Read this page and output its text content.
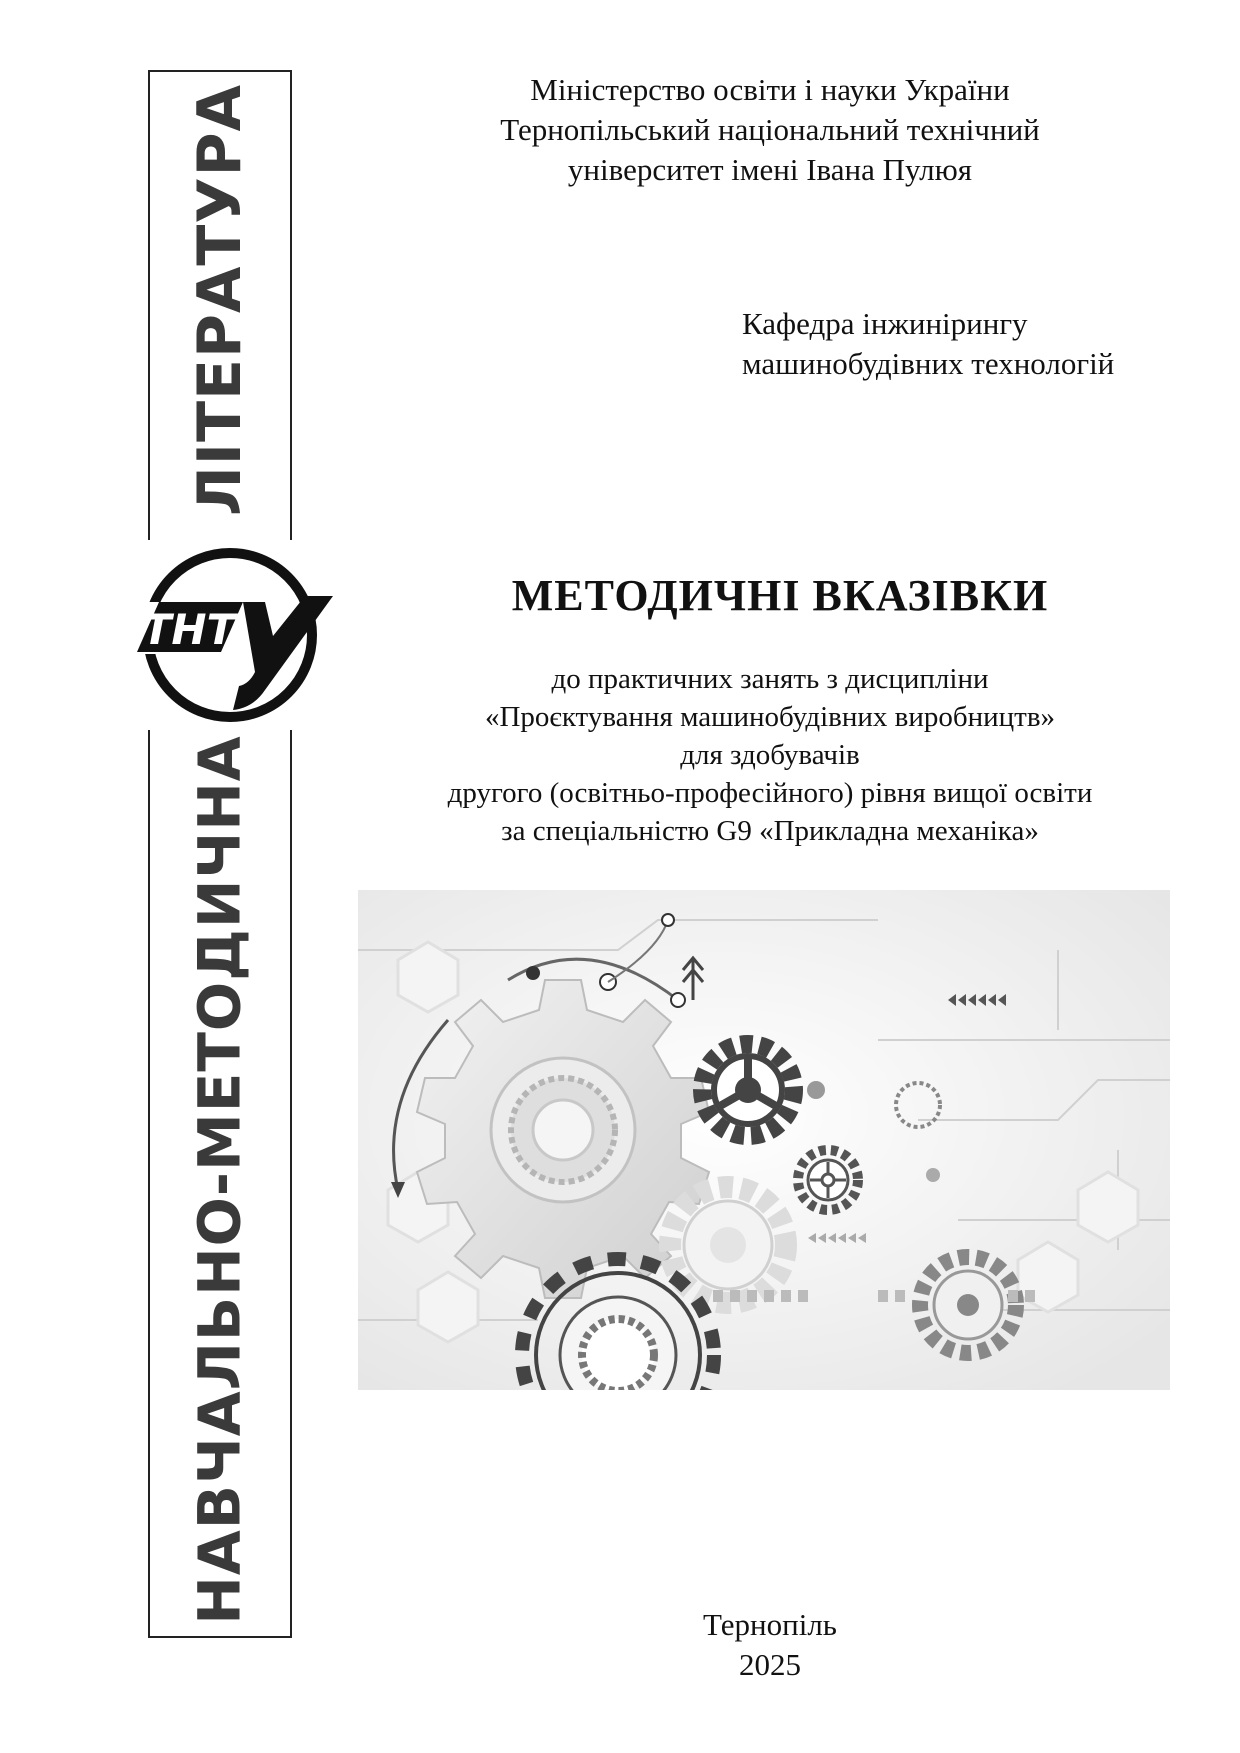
ЛІТЕРАТУРА
НАВЧАЛЬНО-МЕТОДИЧНА
ТНТ
Міністерство освіти і науки України
Тернопільський національний технічний
університет імені Івана Пулюя
Кафедра інжинірингу
машинобудівних технологій
МЕТОДИЧНІ ВКАЗІВКИ
до практичних занять з дисципліни
«Проєктування машинобудівних виробництв»
для здобувачів
другого (освітньо-професійного) рівня вищої освіти
за спеціальністю G9 «Прикладна механіка»
Тернопіль
2025
